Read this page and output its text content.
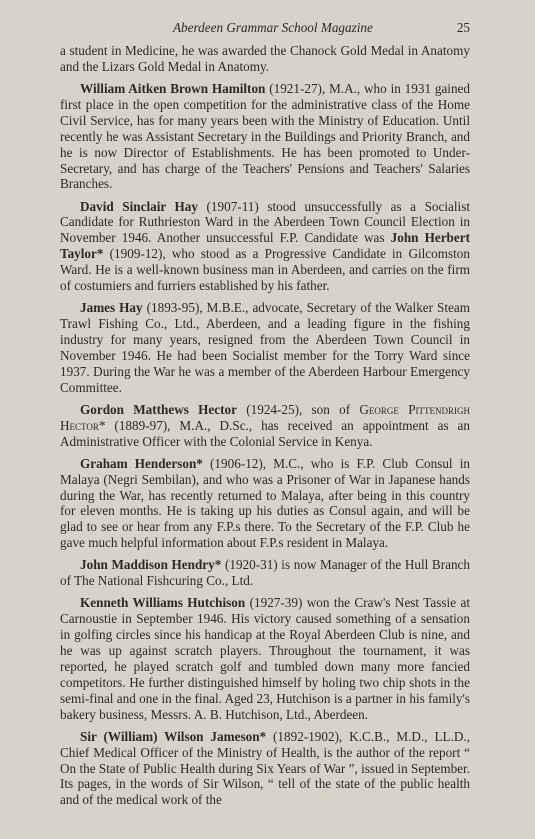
Aberdeen Grammar School Magazine	25

a student in Medicine, he was awarded the Chanock Gold Medal in Anatomy and the Lizars Gold Medal in Anatomy.

William Aitken Brown Hamilton (1921-27), M.A., who in 1931 gained first place in the open competition for the administrative class of the Home Civil Service, has for many years been with the Ministry of Education. Until recently he was Assistant Secretary in the Buildings and Priority Branch, and he is now Director of Establishments. He has been promoted to Under-Secretary, and has charge of the Teachers' Pensions and Teachers' Salaries Branches.

David Sinclair Hay (1907-11) stood unsuccessfully as a Socialist Candidate for Ruthrieston Ward in the Aberdeen Town Council Election in November 1946. Another unsuccessful F.P. Candidate was John Herbert Taylor* (1909-12), who stood as a Progressive Candidate in Gilcomston Ward. He is a well-known business man in Aberdeen, and carries on the firm of costumiers and furriers established by his father.

James Hay (1893-95), M.B.E., advocate, Secretary of the Walker Steam Trawl Fishing Co., Ltd., Aberdeen, and a leading figure in the fishing industry for many years, resigned from the Aberdeen Town Council in November 1946. He had been Socialist member for the Torry Ward since 1937. During the War he was a member of the Aberdeen Harbour Emergency Committee.

Gordon Matthews Hector (1924-25), son of George Pittendrigh Hector* (1889-97), M.A., D.Sc., has received an appointment as an Administrative Officer with the Colonial Service in Kenya.

Graham Henderson* (1906-12), M.C., who is F.P. Club Consul in Malaya (Negri Sembilan), and who was a Prisoner of War in Japanese hands during the War, has recently returned to Malaya, after being in this country for eleven months. He is taking up his duties as Consul again, and will be glad to see or hear from any F.P.s there. To the Secretary of the F.P. Club he gave much helpful information about F.P.s resident in Malaya.

John Maddison Hendry* (1920-31) is now Manager of the Hull Branch of The National Fishcuring Co., Ltd.

Kenneth Williams Hutchison (1927-39) won the Craw's Nest Tassie at Carnoustie in September 1946. His victory caused something of a sensation in golfing circles since his handicap at the Royal Aberdeen Club is nine, and he was up against scratch players. Throughout the tournament, it was reported, he played scratch golf and tumbled down many more fancied competitors. He further distinguished himself by holing two chip shots in the semi-final and one in the final. Aged 23, Hutchison is a partner in his family's bakery business, Messrs. A. B. Hutchison, Ltd., Aberdeen.

Sir (William) Wilson Jameson* (1892-1902), K.C.B., M.D., LL.D., Chief Medical Officer of the Ministry of Health, is the author of the report “ On the State of Public Health during Six Years of War ”, issued in September. Its pages, in the words of Sir Wilson, “ tell of the state of the public health and of the medical work of the
